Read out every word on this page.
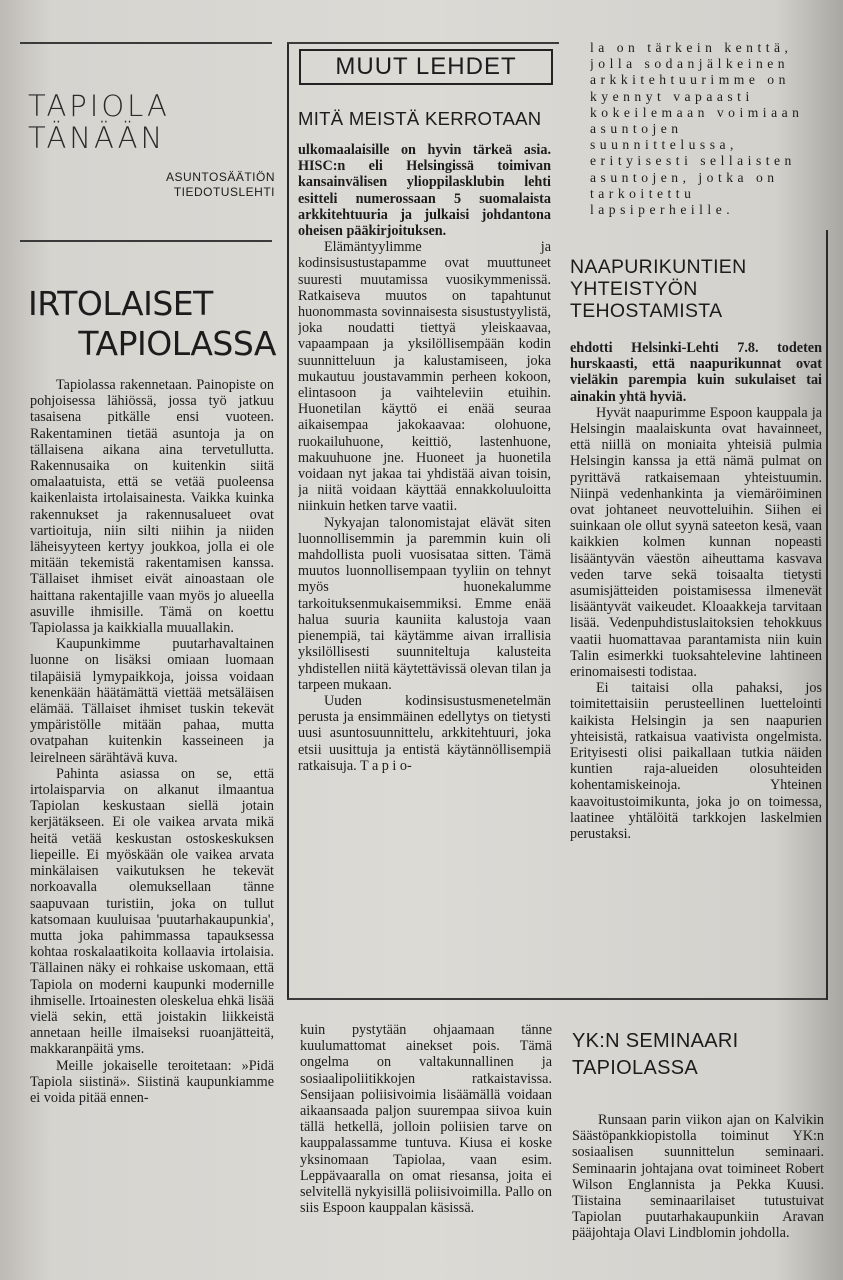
TAPIOLA
TÄNÄÄN
ASUNTOSÄÄTIÖN
TIEDOTUSLEHTI
IRTOLAISET
TAPIOLASSA

Tapiolassa rakennetaan. Painopiste on pohjoisessa lähiössä, jossa työ jatkuu tasaisena pitkälle ensi vuoteen. Rakentaminen tietää asuntoja ja on tällaisena aikana aina tervetullutta. Rakennusaika on kuitenkin siitä omalaatuista, että se vetää puoleensa kaikenlaista irtolaisainesta. Vaikka kuinka rakennukset ja rakennusalueet ovat vartioituja, niin silti niihin ja niiden läheisyyteen kertyy joukkoa, jolla ei ole mitään tekemistä rakentamisen kanssa. Tällaiset ihmiset eivät ainoastaan ole haittana rakentajille vaan myös jo alueella asuville ihmisille. Tämä on koettu Tapiolassa ja kaikkialla muuallakin.

Kaupunkimme puutarhavaltainen luonne on lisäksi omiaan luomaan tilapäisiä lymypaikkoja, joissa voidaan kenenkään häätämättä viettää metsäläisen elämää. Tällaiset ihmiset tuskin tekevät ympäristölle mitään pahaa, mutta ovatpahan kuitenkin kasseineen ja leirelneen särähtävä kuva.

Pahinta asiassa on se, että irtolaisparvia on alkanut ilmaantua Tapiolan keskustaan siellä jotain kerjätäkseen. Ei ole vaikea arvata mikä heitä vetää keskustan ostoskeskuksen liepeille. Ei myöskään ole vaikea arvata minkälaisen vaikutuksen he tekevät norkoavalla olemuksellaan tänne saapuvaan turistiin, joka on tullut katsomaan kuuluisaa 'puutarhakaupunkia', mutta joka pahimmassa tapauksessa kohtaa roskalaatikoita kollaavia irtolaisia. Tällainen näky ei rohkaise uskomaan, että Tapiola on moderni kaupunki modernille ihmiselle. Irtoainesten oleskelua ehkä lisää vielä sekin, että joistakin liikkeistä annetaan heille ilmaiseksi ruoanjätteitä, makkaranpäitä yms.

Meille jokaiselle teroitetaan: »Pidä Tapiola siistinä». Siistinä kaupunkiamme ei voida pitää ennen-

MUUT LEHDET
MITÄ MEISTÄ KERROTAAN

ulkomaalaisille on hyvin tärkeä asia. HISC:n eli Helsingissä toimivan kansainvälisen ylioppilasklubin lehti esitteli numerossaan 5 suomalaista arkkitehtuuria ja julkaisi johdantona oheisen pääkirjoituksen.

Elämäntyylimme ja kodinsisustustapamme ovat muuttuneet suuresti muutamissa vuosikymmenissä. Ratkaiseva muutos on tapahtunut huonommasta sovinnaisesta sisustustyylistä, joka noudatti tiettyä yleiskaavaa, vapaampaan ja yksilöllisempään kodin suunnitteluun ja kalustamiseen, joka mukautuu joustavammin perheen kokoon, elintasoon ja vaihteleviin etuihin. Huonetilan käyttö ei enää seuraa aikaisempaa jakokaavaa: olohuone, ruokailuhuone, keittiö, lastenhuone, makuuhuone jne. Huoneet ja huonetila voidaan nyt jakaa tai yhdistää aivan toisin, ja niitä voidaan käyttää ennakkoluuloitta niinkuin hetken tarve vaatii.

Nykyajan talonomistajat elävät siten luonnollisemmin ja paremmin kuin oli mahdollista puoli vuosisataa sitten. Tämä muutos luonnollisempaan tyyliin on tehnyt myös huonekalumme tarkoituksenmukaisemmiksi. Emme enää halua suuria kauniita kalustoja vaan pienempiä, tai käytämme aivan irrallisia yksilöllisesti suunniteltuja kalusteita yhdistellen niitä käytettävissä olevan tilan ja tarpeen mukaan.

Uuden kodinsisustusmenetelmän perusta ja ensimmäinen edellytys on tietysti uusi asuntosuunnittelu, arkkitehtuuri, joka etsii uusittuja ja entistä käytännöllisempiä ratkaisuja. T a p i o-

la on tärkein kenttä, jolla sodanjälkeinen arkkitehtuurimme on kyennyt vapaasti kokeilemaan voimiaan asuntojen suunnittelussa, erityisesti sellaisten asuntojen, jotka on tarkoitettu lapsiperheille.
NAAPURIKUNTIEN
YHTEISTYÖN
TEHOSTAMISTA

ehdotti Helsinki-Lehti 7.8. todeten hurskaasti, että naapurikunnat ovat vieläkin parempia kuin sukulaiset tai ainakin yhtä hyviä.

Hyvät naapurimme Espoon kauppala ja Helsingin maalaiskunta ovat havainneet, että niillä on moniaita yhteisiä pulmia Helsingin kanssa ja että nämä pulmat on pyrittävä ratkaisemaan yhteistuumin. Niinpä vedenhankinta ja viemäröiminen ovat johtaneet neuvotteluihin. Siihen ei suinkaan ole ollut syynä sateeton kesä, vaan kaikkien kolmen kunnan nopeasti lisääntyvän väestön aiheuttama kasvava veden tarve sekä toisaalta tietysti asumisjätteiden poistamisessa ilmenevät lisääntyvät vaikeudet. Kloaakkeja tarvitaan lisää. Vedenpuhdistuslaitoksien tehokkuus vaatii huomattavaa parantamista niin kuin Talin esimerkki tuoksahtelevine lahtineen erinomaisesti todistaa.

Ei taitaisi olla pahaksi, jos toimitettaisiin perusteellinen luettelointi kaikista Helsingin ja sen naapurien yhteisistä, ratkaisua vaativista ongelmista. Erityisesti olisi paikallaan tutkia näiden kuntien raja-alueiden olosuhteiden kohentamiskeinoja. Yhteinen kaavoitustoimikunta, joka jo on toimessa, laatinee yhtälöitä tarkkojen laskelmien perustaksi.

kuin pystytään ohjaamaan tänne kuulumattomat ainekset pois. Tämä ongelma on valtakunnallinen ja sosiaalipoliitikkojen ratkaistavissa. Sensijaan poliisivoimia lisäämällä voidaan aikaansaada paljon suurempaa siivoa kuin tällä hetkellä, jolloin poliisien tarve on kauppalassamme tuntuva. Kiusa ei koske yksinomaan Tapiolaa, vaan esim. Leppävaaralla on omat riesansa, joita ei selvitellä nykyisillä poliisivoimilla. Pallo on siis Espoon kauppalan käsissä.

YK:N SEMINAARI
TAPIOLASSA

Runsaan parin viikon ajan on Kalvikin Säästöpankkiopistolla toiminut YK:n sosiaalisen suunnittelun seminaari. Seminaarin johtajana ovat toimineet Robert Wilson Englannista ja Pekka Kuusi. Tiistaina seminaarilaiset tutustuivat Tapiolan puutarhakaupunkiin Aravan pääjohtaja Olavi Lindblomin johdolla.
